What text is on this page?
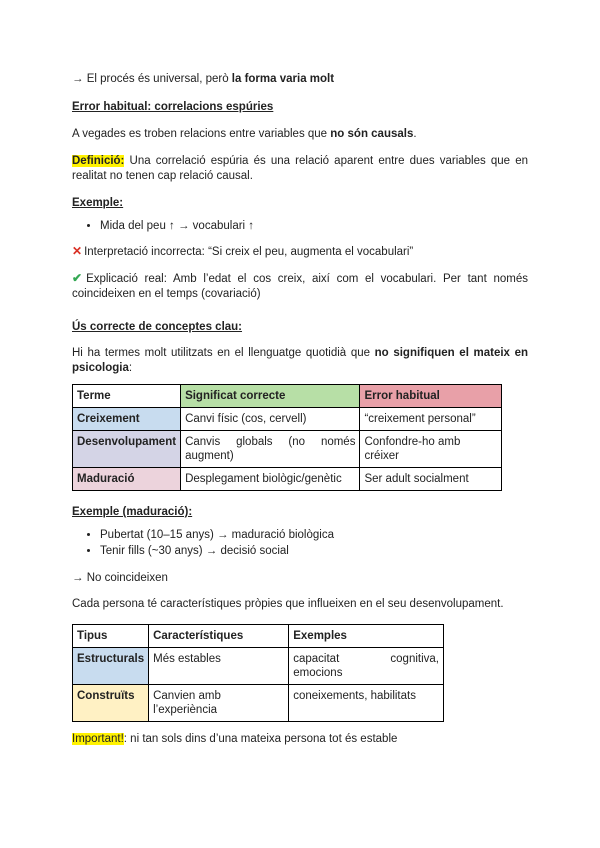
→ El procés és universal, però la forma varia molt

Error habitual: correlacions espúries

A vegades es troben relacions entre variables que no són causals.

Definició: Una correlació espúria és una relació aparent entre dues variables que en realitat no tenen cap relació causal.

Exemple:

• Mida del peu ↑ → vocabulari ↑

✕ Interpretació incorrecta: “Si creix el peu, augmenta el vocabulari”

✔ Explicació real: Amb l’edat el cos creix, així com el vocabulari. Per tant només coincideixen en el temps (covariació)

Ús correcte de conceptes clau:

Hi ha termes molt utilitzats en el llenguatge quotidià que no signifiquen el mateix en psicologia:

Terme	Significat correcte	Error habitual
Creixement	Canvi físic (cos, cervell)	“creixement personal”
Desenvolupament	Canvis globals (no només augment)	Confondre-ho amb créixer
Maduració	Desplegament biològic/genètic	Ser adult socialment

Exemple (maduració):

• Pubertat (10–15 anys) → maduració biològica
• Tenir fills (~30 anys) → decisió social

→ No coincideixen

Cada persona té característiques pròpies que influeixen en el seu desenvolupament.

Tipus	Característiques	Exemples
Estructurals	Més estables	capacitat cognitiva, emocions
Construïts	Canvien amb l’experiència	coneixements, habilitats

Important!: ni tan sols dins d’una mateixa persona tot és estable
